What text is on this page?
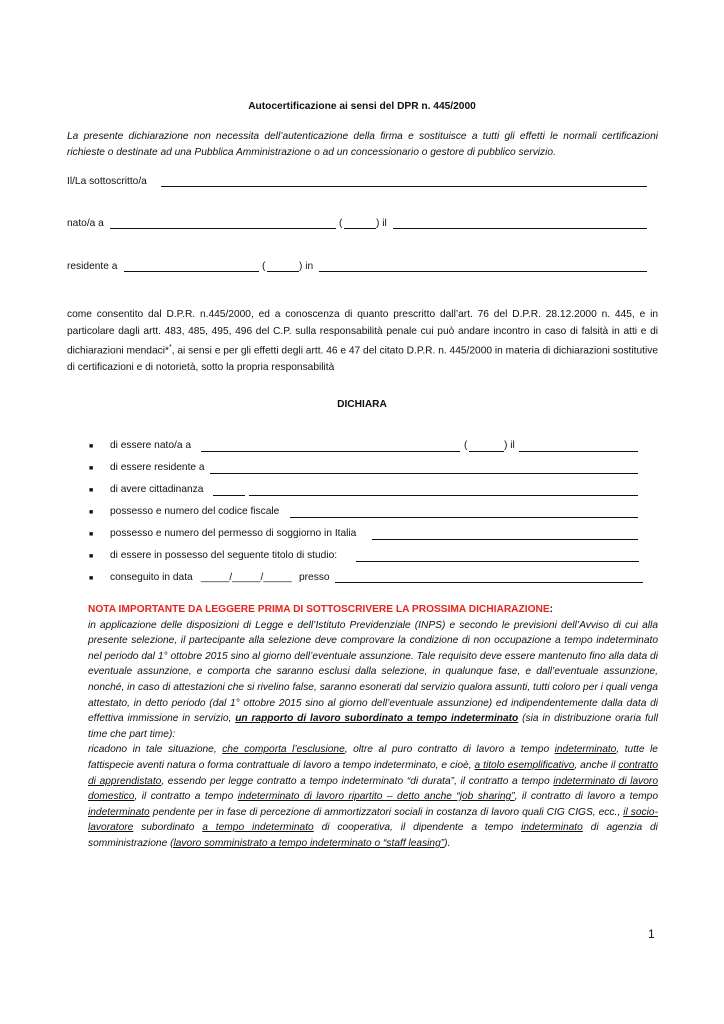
Autocertificazione ai sensi del DPR n. 445/2000
La presente dichiarazione non necessita dell’autenticazione della firma e sostituisce a tutti gli effetti le normali certificazioni richieste o destinate ad una Pubblica Amministrazione o ad un concessionario o gestore di pubblico servizio.
Il/La sottoscritto/a
nato/a a	(	) il
residente a	(	) in
come consentito dal D.P.R. n.445/2000, ed a conoscenza di quanto prescritto dall’art. 76 del D.P.R. 28.12.2000 n. 445, e in particolare dagli artt. 483, 485, 495, 496 del C.P. sulla responsabilità penale cui può andare incontro in caso di falsità in atti e di dichiarazioni mendaci**, ai sensi e per gli effetti degli artt. 46 e 47 del citato D.P.R. n. 445/2000 in materia di dichiarazioni sostitutive di certificazioni e di notorietà, sotto la propria responsabilità
DICHIARA
■ di essere nato/a a	(	) il
■ di essere residente a
■ di avere cittadinanza
■ possesso e numero del codice fiscale
■ possesso e numero del permesso di soggiorno in Italia
■ di essere in possesso del seguente titolo di studio:
■ conseguito in data _____/_____/_____ presso
NOTA IMPORTANTE DA LEGGERE PRIMA DI SOTTOSCRIVERE LA PROSSIMA DICHIARAZIONE:
in applicazione delle disposizioni di Legge e dell’Istituto Previdenziale (INPS) e secondo le previsioni dell’Avviso di cui alla presente selezione, il partecipante alla selezione deve comprovare la condizione di non occupazione a tempo indeterminato nel periodo dal 1° ottobre 2015 sino al giorno dell’eventuale assunzione. Tale requisito deve essere mantenuto fino alla data di eventuale assunzione, e comporta che saranno esclusi dalla selezione, in qualunque fase, e dall’eventuale assunzione, nonché, in caso di attestazioni che si rivelino false, saranno esonerati dal servizio qualora assunti, tutti coloro per i quali venga attestato, in detto periodo (dal 1° ottobre 2015 sino al giorno dell’eventuale assunzione) ed indipendentemente dalla data di effettiva immissione in servizio, un rapporto di lavoro subordinato a tempo indeterminato (sia in distribuzione oraria full time che part time):
ricadono in tale situazione, che comporta l’esclusione, oltre al puro contratto di lavoro a tempo indeterminato, tutte le fattispecie aventi natura o forma contrattuale di lavoro a tempo indeterminato, e cioè, a titolo esemplificativo, anche il contratto di apprendistato, essendo per legge contratto a tempo indeterminato “di durata”, il contratto a tempo indeterminato di lavoro domestico, il contratto a tempo indeterminato di lavoro ripartito – detto anche “job sharing”, il contratto di lavoro a tempo indeterminato pendente per in fase di percezione di ammortizzatori sociali in costanza di lavoro quali CIG CIGS, ecc., il socio-lavoratore subordinato a tempo indeterminato di cooperativa, il dipendente a tempo indeterminato di agenzia di somministrazione (lavoro somministrato a tempo indeterminato o “staff leasing”).
1
